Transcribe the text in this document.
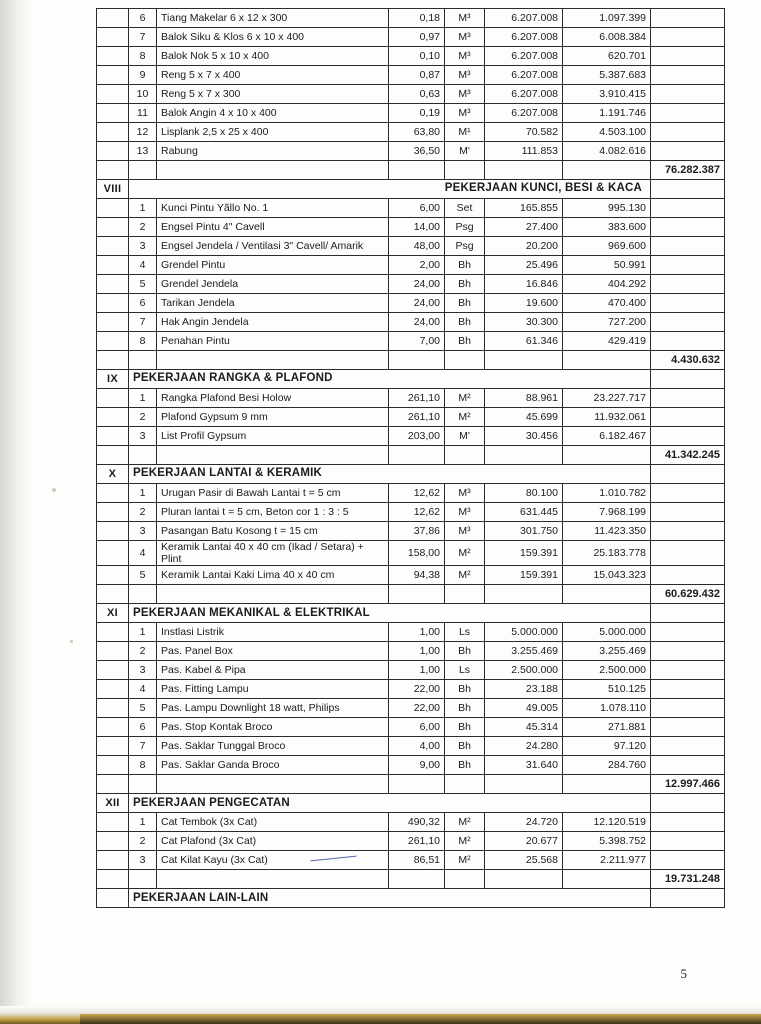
	6	Tiang Makelar 6 x 12 x 300	0,18	M³	6.207.008	1.097.399	
	7	Balok Siku & Klos 6 x 10 x 400	0,97	M³	6.207.008	6.008.384	
	8	Balok Nok 5 x 10 x 400	0,10	M³	6.207.008	620.701	
	9	Reng 5 x 7 x 400	0,87	M³	6.207.008	5.387.683	
	10	Reng 5 x 7 x 300	0,63	M³	6.207.008	3.910.415	
	11	Balok Angin 4 x 10 x 400	0,19	M³	6.207.008	1.191.746	
	12	Lisplank 2,5 x 25 x 400	63,80	M¹	70.582	4.503.100	
	13	Rabung	36,50	M'	111.853	4.082.616	
							76.282.387
VIII	PEKERJAAN KUNCI, BESI & KACA						
	1	Kunci Pintu Yãllo No. 1	6,00	Set	165.855	995.130	
	2	Engsel Pintu 4" Cavell	14,00	Psg	27.400	383.600	
	3	Engsel Jendela / Ventilasi 3" Cavell/ Amarik	48,00	Psg	20.200	969.600	
	4	Grendel Pintu	2,00	Bh	25.496	50.991	
	5	Grendel Jendela	24,00	Bh	16.846	404.292	
	6	Tarikan Jendela	24,00	Bh	19.600	470.400	
	7	Hak Angin Jendela	24,00	Bh	30.300	727.200	
	8	Penahan Pintu	7,00	Bh	61.346	429.419	
							4.430.632
IX	PEKERJAAN RANGKA & PLAFOND						
	1	Rangka Plafond Besi Holow	261,10	M²	88.961	23.227.717	
	2	Plafond Gypsum 9 mm	261,10	M²	45.699	11.932.061	
	3	List Profil Gypsum	203,00	M'	30.456	6.182.467	
							41.342.245
X	PEKERJAAN LANTAI & KERAMIK						
	1	Urugan Pasir di Bawah Lantai t = 5 cm	12,62	M³	80.100	1.010.782	
	2	Pluran lantai t = 5 cm, Beton cor 1 : 3 : 5	12,62	M³	631.445	7.968.199	
	3	Pasangan Batu Kosong t = 15 cm	37,86	M³	301.750	11.423.350	
	4	Keramik Lantai 40 x 40 cm (Ikad / Setara) + Plint	158,00	M²	159.391	25.183.778	
	5	Keramik Lantai Kaki Lima 40 x 40 cm	94,38	M²	159.391	15.043.323	
							60.629.432
XI	PEKERJAAN MEKANIKAL & ELEKTRIKAL						
	1	Instlasi Listrik	1,00	Ls	5.000.000	5.000.000	
	2	Pas. Panel Box	1,00	Bh	3.255.469	3.255.469	
	3	Pas. Kabel & Pipa	1,00	Ls	2.500.000	2.500.000	
	4	Pas. Fitting Lampu	22,00	Bh	23.188	510.125	
	5	Pas. Lampu Downlight 18 watt, Philips	22,00	Bh	49.005	1.078.110	
	6	Pas. Stop Kontak Broco	6,00	Bh	45.314	271.881	
	7	Pas. Saklar Tunggal Broco	4,00	Bh	24.280	97.120	
	8	Pas. Saklar Ganda Broco	9,00	Bh	31.640	284.760	
							12.997.466
XII	PEKERJAAN PENGECATAN						
	1	Cat Tembok (3x Cat)	490,32	M²	24.720	12.120.519	
	2	Cat Plafond (3x Cat)	261,10	M²	20.677	5.398.752	
	3	Cat Kilat Kayu (3x Cat)	86,51	M²	25.568	2.211.977	
							19.731.248
	PEKERJAAN LAIN-LAIN						
5
